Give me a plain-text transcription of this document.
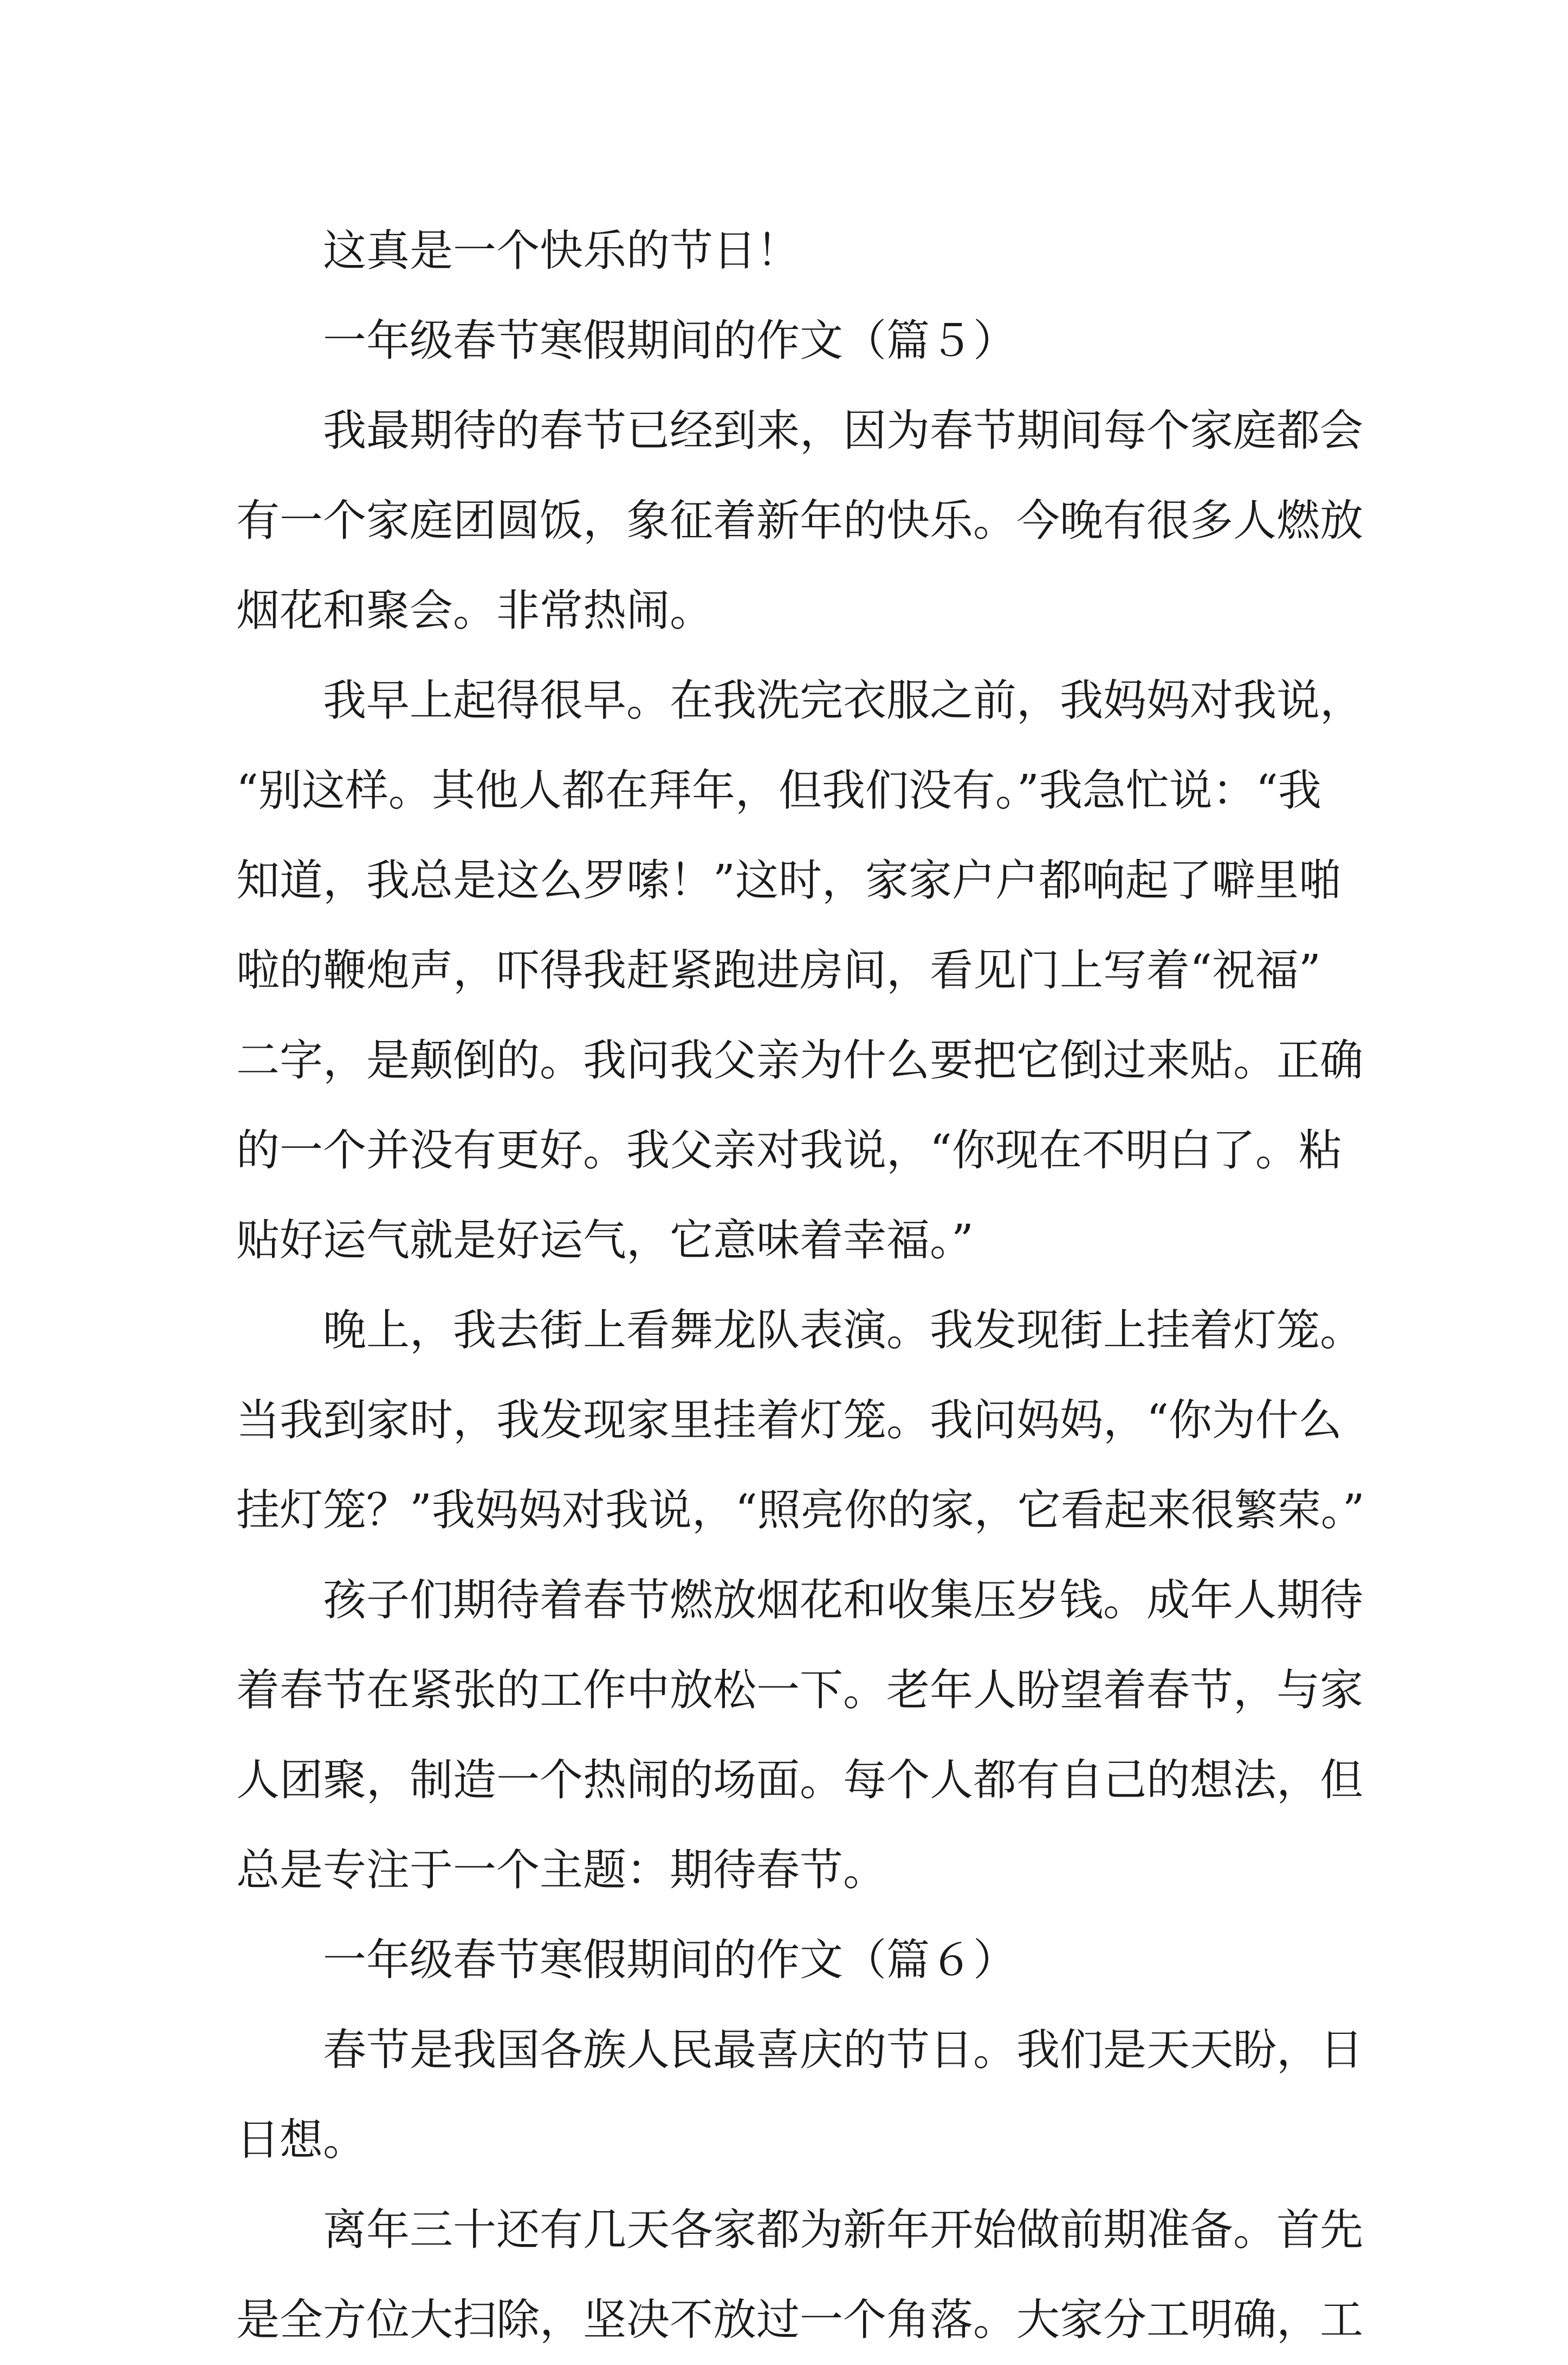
这真是一个快乐的节日！
一年级春节寒假期间的作文（篇５）
我最期待的春节已经到来，因为春节期间每个家庭都会
有一个家庭团圆饭，象征着新年的快乐。今晚有很多人燃放
烟花和聚会。非常热闹。
我早上起得很早。在我洗完衣服之前，我妈妈对我说，
“别这样。其他人都在拜年，但我们没有。”我急忙说：“我
知道，我总是这么罗嗦！”这时，家家户户都响起了噼里啪
啦的鞭炮声，吓得我赶紧跑进房间，看见门上写着“祝福”
二字，是颠倒的。我问我父亲为什么要把它倒过来贴。正确
的一个并没有更好。我父亲对我说，“你现在不明白了。粘
贴好运气就是好运气，它意味着幸福。”
晚上，我去街上看舞龙队表演。我发现街上挂着灯笼。
当我到家时，我发现家里挂着灯笼。我问妈妈，“你为什么
挂灯笼？”我妈妈对我说，“照亮你的家，它看起来很繁荣。”
孩子们期待着春节燃放烟花和收集压岁钱。成年人期待
着春节在紧张的工作中放松一下。老年人盼望着春节，与家
人团聚，制造一个热闹的场面。每个人都有自己的想法，但
总是专注于一个主题：期待春节。
一年级春节寒假期间的作文（篇６）
春节是我国各族人民最喜庆的节日。我们是天天盼，日
日想。
离年三十还有几天各家都为新年开始做前期准备。首先
是全方位大扫除，坚决不放过一个角落。大家分工明确，工
